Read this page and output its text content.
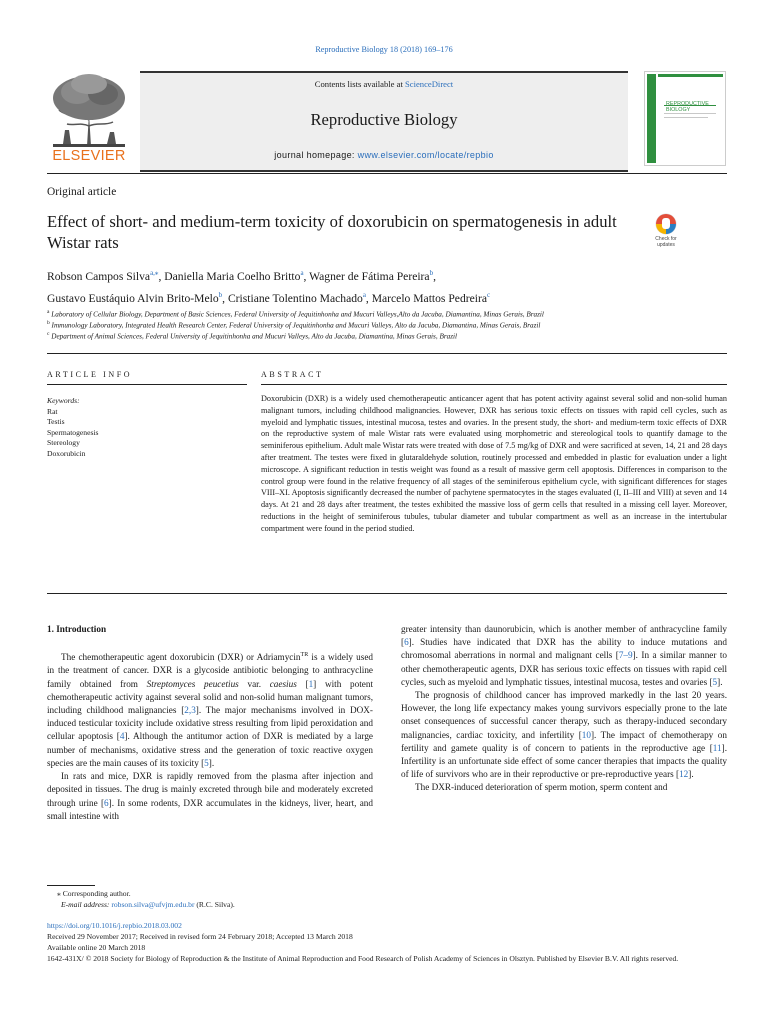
Reproductive Biology 18 (2018) 169–176
ELSEVIER
Contents lists available at ScienceDirect
Reproductive Biology
journal homepage: www.elsevier.com/locate/repbio
REPRODUCTIVE BIOLOGY
Original article
Effect of short- and medium-term toxicity of doxorubicin on spermatogenesis in adult Wistar rats	Check for updates
Robson Campos Silva$^{a,⁎}$, Daniella Maria Coelho Britto$^a$, Wagner de Fátima Pereira$^b$,
Gustavo Eustáquio Alvin Brito-Melo$^b$, Cristiane Tolentino Machado$^a$, Marcelo Mattos Pedreira$^c$
$^a$ Laboratory of Cellular Biology, Department of Basic Sciences, Federal University of Jequitinhonha and Mucuri Valleys,Alto da Jacuba, Diamantina, Minas Gerais, Brazil
$^b$ Immunology Laboratory, Integrated Health Research Center, Federal University of Jequitinhonha and Mucuri Valleys, Alto da Jacuba, Diamantina, Minas Gerais, Brazil
$^c$ Department of Animal Sciences, Federal University of Jequitinhonha and Mucuri Valleys, Alto da Jacuba, Diamantina, Minas Gerais, Brazil
ARTICLE INFO
Keywords:
Rat
Testis
Spermatogenesis
Stereology
Doxorubicin
ABSTRACT
Doxorubicin (DXR) is a widely used chemotherapeutic anticancer agent that has potent activity against several solid and non-solid human malignant tumors, including childhood malignancies. However, DXR has serious toxic effects on tissues with rapid cell cycles, such as myeloid and lymphatic tissues, intestinal mucosa, testes and ovaries. In the present study, the short- and medium-term toxic effects of DXR on the reproductive system of male Wistar rats were evaluated using morphometric and stereological tools to quantify damage to the seminiferous epithelium. Adult male Wistar rats were treated with dose of 7.5 mg/kg of DXR and were sacrificed at seven, 14, 21 and 28 days after treatment. The testes were fixed in glutaraldehyde solution, routinely processed and embedded in plastic for evaluation under a light microscope. A significant reduction in testis weight was found as a result of massive germ cell apoptosis. Differences in comparison to the control group were found in the relative frequency of all stages of the seminiferous epithelium cycle, with significant differences for stages VIII–XI. Apoptosis significantly decreased the number of pachytene spermatocytes in the stages evaluated (I, II–III and VIII) at seven and 14 days. At 21 and 28 days after treatment, the testes exhibited the massive loss of germ cells that resulted in a missing cell layer. Moreover, reductions in the height of seminiferous tubules, tubular diameter and tubular compartment as well as an increase in the intertubular compartment were found in the period studied.

1. Introduction

The chemotherapeutic agent doxorubicin (DXR) or Adriamycin$^{TR}$ is a widely used in the treatment of cancer. DXR is a glycoside antibiotic belonging to anthracycline family obtained from Streptomyces peucetius var. caesius [1] with potent chemotherapeutic activity against several solid and non-solid human malignant tumors, including childhood malignancies [2,3]. The major mechanisms involved in DOX-induced testicular toxicity include oxidative stress resulting from lipid peroxidation and cellular apoptosis [4]. Although the antitumor action of DXR is mediated by a large number of mechanisms, oxidative stress and the generation of toxic reactive oxygen species are the main causes of its toxicity [5].

In rats and mice, DXR is rapidly removed from the plasma after injection and deposited in tissues. The drug is mainly excreted through bile and moderately excreted through urine [6]. In some rodents, DXR accumulates in the kidneys, liver, heart, and small intestine with

greater intensity than daunorubicin, which is another member of anthracycline family [6]. Studies have indicated that DXR has the ability to induce mutations and chromosomal aberrations in normal and malignant cells [7–9]. In a similar manner to other chemotherapeutic agents, DXR has serious toxic effects on tissues with rapid cell cycles, such as myeloid and lymphatic tissues, intestinal mucosa, testes and ovaries [5].

The prognosis of childhood cancer has improved markedly in the last 20 years. However, the long life expectancy makes young survivors especially prone to the late onset consequences of successful cancer therapy, such as therapy-induced secondary malignancies, cardiac toxicity, and infertility [10]. The impact of chemotherapy on fertility and gamete quality is of concern to patients in the reproductive age [11]. Infertility is an unfortunate side effect of some cancer therapies that impacts the quality of life of survivors who are in their reproductive or pre-reproductive years [12].

The DXR-induced deterioration of sperm motion, sperm content and

⁎ Corresponding author.
E-mail address: robson.silva@ufvjm.edu.br (R.C. Silva).
https://doi.org/10.1016/j.repbio.2018.03.002
Received 29 November 2017; Received in revised form 24 February 2018; Accepted 13 March 2018
Available online 20 March 2018
1642-431X/ © 2018 Society for Biology of Reproduction & the Institute of Animal Reproduction and Food Research of Polish Academy of Sciences in Olsztyn. Published by Elsevier B.V. All rights reserved.
